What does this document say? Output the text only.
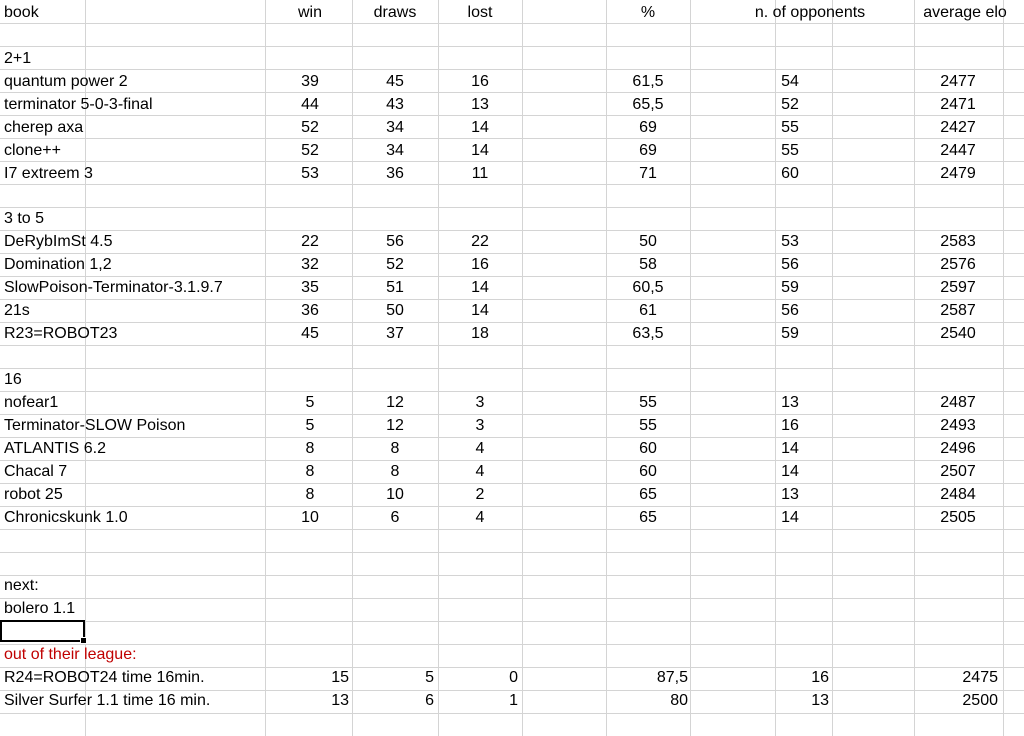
book	win	draws	lost	%	n. of opponents	average elo
2+1
quantum power 2	39	45	16	61,5	54	2477
terminator 5-0-3-final	44	43	13	65,5	52	2471
cherep axa	52	34	14	69	55	2427
clone++	52	34	14	69	55	2447
I7 extreem 3	53	36	11	71	60	2479
3 to 5
DeRybImSt 4.5	22	56	22	50	53	2583
Domination 1,2	32	52	16	58	56	2576
SlowPoison-Terminator-3.1.9.7	35	51	14	60,5	59	2597
21s	36	50	14	61	56	2587
R23=ROBOT23	45	37	18	63,5	59	2540
16
nofear1	5	12	3	55	13	2487
Terminator-SLOW Poison	5	12	3	55	16	2493
ATLANTIS 6.2	8	8	4	60	14	2496
Chacal 7	8	8	4	60	14	2507
robot 25	8	10	2	65	13	2484
Chronicskunk 1.0	10	6	4	65	14	2505
next:
bolero 1.1
out of their league:
R24=ROBOT24 time 16min.	15	5	0	87,5	16	2475
Silver Surfer 1.1 time 16 min.	13	6	1	80	13	2500
